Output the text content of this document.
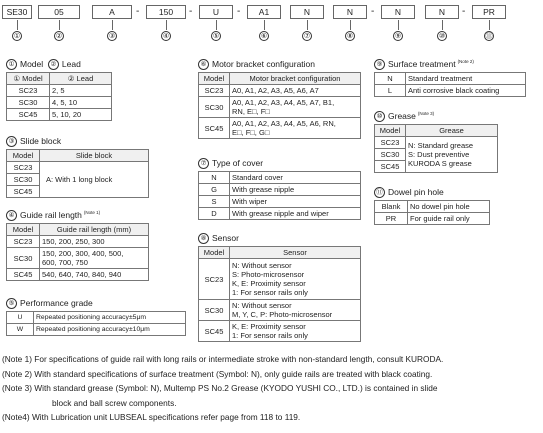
SE30	05	A	-	150	-	U	-	A1	N	N	-	N	N	-	PR
①	②	③	④	⑤	⑥	⑦	⑧	⑨	⑩	⑪
① Model ② Lead
① Model	② Lead
SC23	2, 5
SC30	4, 5, 10
SC45	5, 10, 20
③ Slide block
Model	Slide block
SC23	A: With 1 long block
SC30	
SC45	
④ Guide rail length $^{(Note 1)}$
Model	Guide rail length (mm)
SC23	150, 200, 250, 300
SC30	150, 200, 300, 400, 500,
600, 700, 750
SC45	540, 640, 740, 840, 940
⑤ Performance grade
U	Repeated positioning accuracy±5μm
W	Repeated positioning accuracy±10μm
⑥ Motor bracket configuration
Model	Motor bracket configuration
SC23	A0, A1, A2, A3, A5, A6, A7
SC30	A0, A1, A2, A3, A4, A5, A7, B1,
RN, E□, F□
SC45	A0, A1, A2, A3, A4, A5, A6, RN,
E□, F□, G□
⑦ Type of cover
N	Standard cover
G	With grease nipple
S	With wiper
D	With grease nipple and wiper
⑧ Sensor
Model	Sensor
SC23	N: Without sensor
S: Photo-microsensor
K, E: Proximity sensor
1: For sensor rails only
SC30	N: Without sensor
M, Y, C, P: Photo-microsensor
SC45	K, E: Proximity sensor
1: For sensor rails only
⑨ Surface treatment $^{(Note 2)}$
N	Standard treatment
L	Anti corrosive black coating
⑩ Grease $^{(Note 3)}$
Model	Grease
SC23	N: Standard grease
S: Dust preventive
KURODA S grease
SC30	
SC45	
⑪ Dowel pin hole
Blank	No dowel pin hole
PR	For guide rail only
(Note 1) For specifications of guide rail with long rails or intermediate stroke with non-standard length, consult KURODA.
(Note 2) With standard specifications of surface treatment (Symbol: N), only guide rails are treated with black coating.
(Note 3) With standard grease (Symbol: N), Multemp PS No.2 Grease (KYODO YUSHI CO., LTD.) is contained in slide
block and ball screw components.
(Note4) With Lubrication unit LUBSEAL specifications refer page from 118 to 119.
